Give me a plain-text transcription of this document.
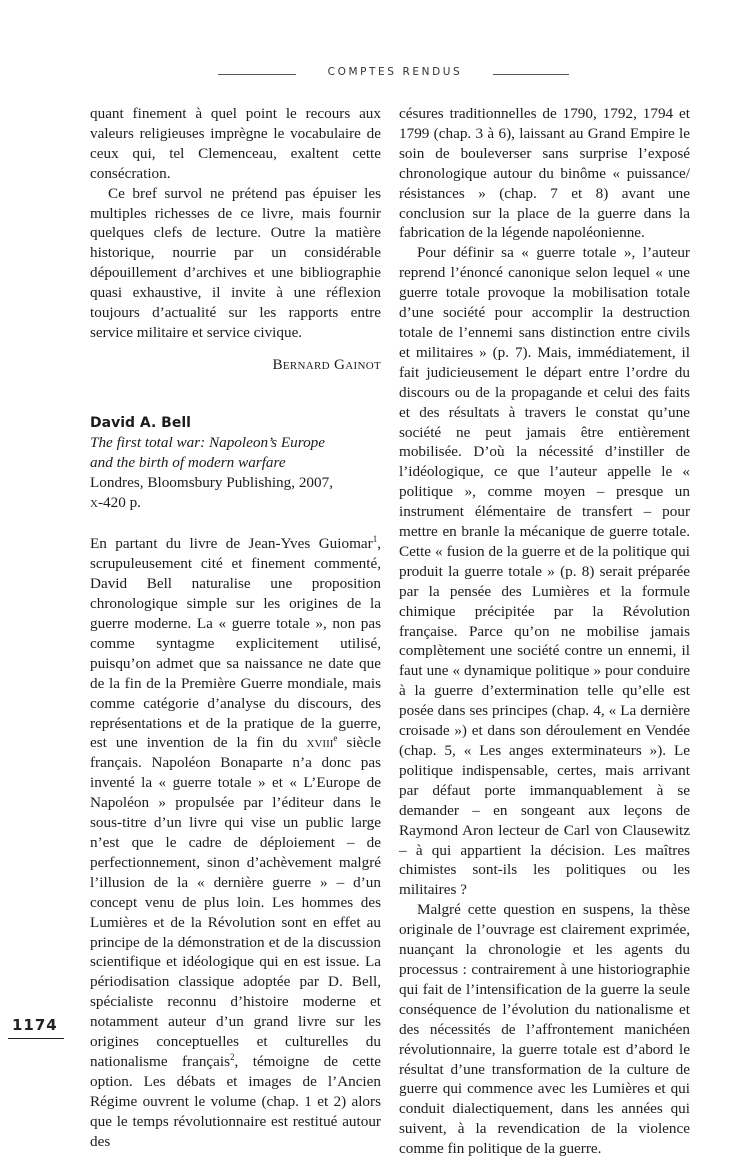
COMPTES RENDUS

quant finement à quel point le recours aux valeurs religieuses imprègne le vocabulaire de ceux qui, tel Clemenceau, exaltent cette consécration.

Ce bref survol ne prétend pas épuiser les multiples richesses de ce livre, mais fournir quelques clefs de lecture. Outre la matière historique, nourrie par un considérable dépouillement d’archives et une bibliographie quasi exhaustive, il invite à une réflexion toujours d’actualité sur les rapports entre service militaire et service civique.

Bernard Gainot
David A. Bell
The first total war: Napoleon’s Europe
and the birth of modern warfare
Londres, Bloomsbury Publishing, 2007,
x-420 p.

En partant du livre de Jean-Yves Guiomar$^1$, scrupuleusement cité et finement commenté, David Bell naturalise une proposition chronologique simple sur les origines de la guerre moderne. La « guerre totale », non pas comme syntagme explicitement utilisé, puisqu’on admet que sa naissance ne date que de la fin de la Première Guerre mondiale, mais comme catégorie d’analyse du discours, des représentations et de la pratique de la guerre, est une invention de la fin du xviii$^e$ siècle français. Napoléon Bonaparte n’a donc pas inventé la « guerre totale » et « L’Europe de Napoléon » propulsée par l’éditeur dans le sous-titre d’un livre qui vise un public large n’est que le cadre de déploiement – de perfectionnement, sinon d’achèvement malgré l’illusion de la « dernière guerre » – d’un concept venu de plus loin. Les hommes des Lumières et de la Révolution sont en effet au principe de la démonstration et de la discussion scientifique et idéologique qui en est issue. La périodisation classique adoptée par D. Bell, spécialiste reconnu d’histoire moderne et notamment auteur d’un grand livre sur les origines conceptuelles et culturelles du nationalisme français$^2$, témoigne de cette option. Les débats et images de l’Ancien Régime ouvrent le volume (chap. 1 et 2) alors que le temps révolutionnaire est restitué autour des

césures traditionnelles de 1790, 1792, 1794 et 1799 (chap. 3 à 6), laissant au Grand Empire le soin de bouleverser sans surprise l’exposé chronologique autour du binôme « puissance/ résistances » (chap. 7 et 8) avant une conclusion sur la place de la guerre dans la fabrication de la légende napoléonienne.

Pour définir sa « guerre totale », l’auteur reprend l’énoncé canonique selon lequel « une guerre totale provoque la mobilisation totale d’une société pour accomplir la destruction totale de l’ennemi sans distinction entre civils et militaires » (p. 7). Mais, immédiatement, il fait judicieusement le départ entre l’ordre du discours ou de la propagande et celui des faits et des résultats à travers le constat qu’une société ne peut jamais être entièrement mobilisée. D’où la nécessité d’instiller de l’idéologique, ce que l’auteur appelle le « politique », comme moyen – presque un instrument élémentaire de transfert – pour mettre en branle la mécanique de guerre totale. Cette « fusion de la guerre et de la politique qui produit la guerre totale » (p. 8) serait préparée par la pensée des Lumières et la formule chimique précipitée par la Révolution française. Parce qu’on ne mobilise jamais complètement une société contre un ennemi, il faut une « dynamique politique » pour conduire à la guerre d’extermination telle qu’elle est posée dans ses principes (chap. 4, « La dernière croisade ») et dans son déroulement en Vendée (chap. 5, « Les anges exterminateurs »). Le politique indispensable, certes, mais arrivant par défaut porte immanquablement à se demander – en songeant aux leçons de Raymond Aron lecteur de Carl von Clausewitz – à qui appartient la décision. Les maîtres chimistes sont-ils les politiques ou les militaires ?

Malgré cette question en suspens, la thèse originale de l’ouvrage est clairement exprimée, nuançant la chronologie et les agents du processus : contrairement à une historiographie qui fait de l’intensification de la guerre la seule conséquence de l’évolution du nationalisme et des nécessités de l’affrontement manichéen révolutionnaire, la guerre totale est d’abord le résultat d’une transformation de la culture de guerre qui commence avec les Lumières et qui conduit dialectiquement, dans les années qui suivent, à la revendication de la violence comme fin politique de la guerre.

1174
